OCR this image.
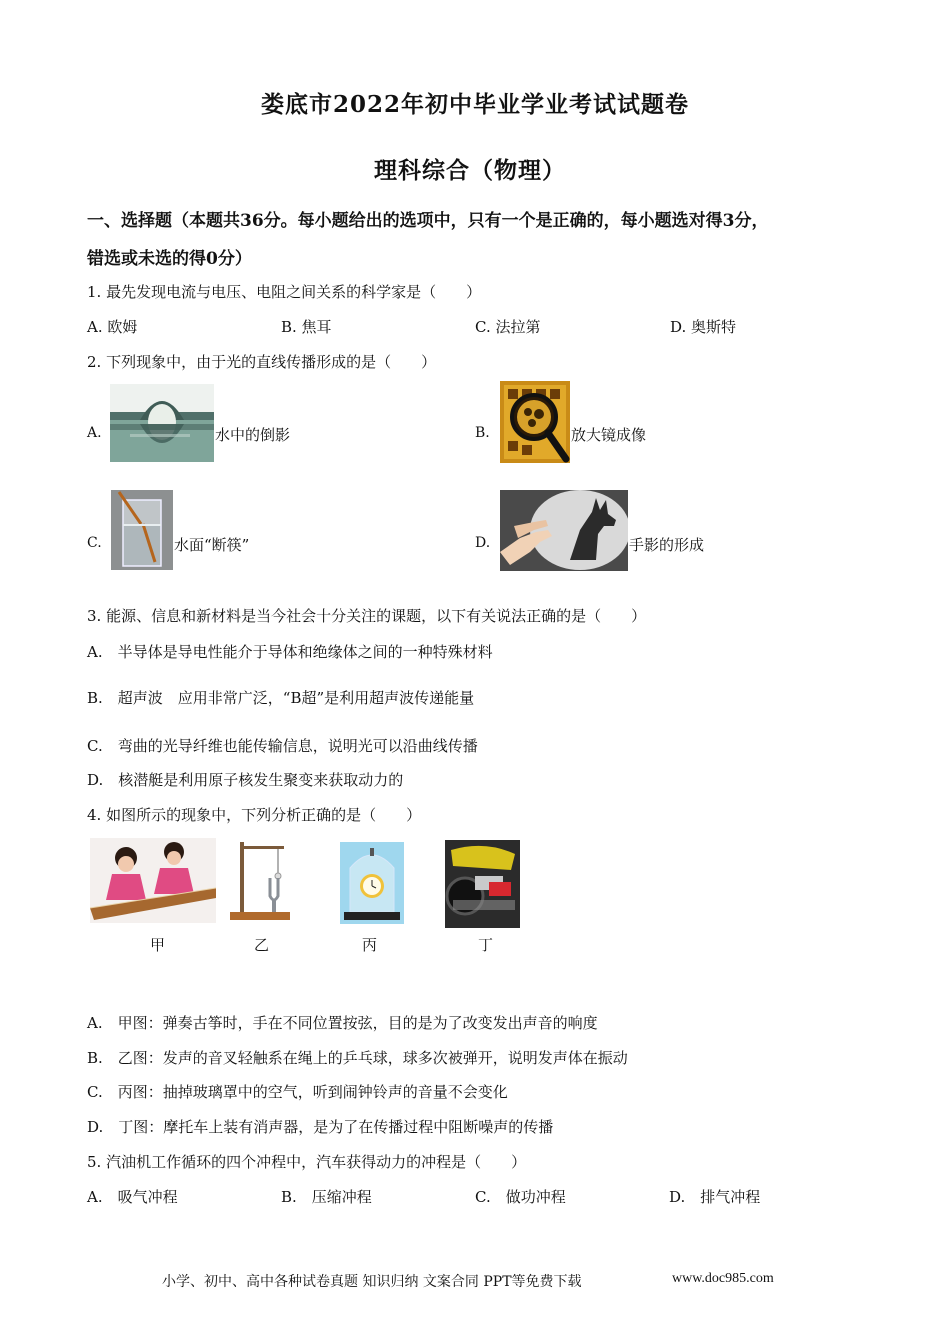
娄底市2022年初中毕业学业考试试题卷
理科综合（物理）
一、选择题（本题共36分。每小题给出的选项中，只有一个是正确的，每小题选对得3分，
错选或未选的得0分）
1. 最先发现电流与电压、电阻之间关系的科学家是（　　）
A. 欧姆	B. 焦耳	C. 法拉第	D. 奥斯特
2. 下列现象中，由于光的直线传播形成的是（　　）
A.	水中的倒影	B.	放大镜成像
C.	水面“断筷”	D.	手影的形成
3. 能源、信息和新材料是当今社会十分关注的课题，以下有关说法正确的是（　　）
A.　半导体是导电性能介于导体和绝缘体之间的一种特殊材料
B.　超声波　应用非常广泛，“B超”是利用超声波传递能量
C.　弯曲的光导纤维也能传输信息，说明光可以沿曲线传播
D.　核潜艇是利用原子核发生聚变来获取动力的
4. 如图所示的现象中，下列分析正确的是（　　）
甲	乙	丙	丁
A.　甲图：弹奏古筝时，手在不同位置按弦，目的是为了改变发出声音的响度
B.　乙图：发声的音叉轻触系在绳上的乒乓球，球多次被弹开，说明发声体在振动
C.　丙图：抽掉玻璃罩中的空气，听到闹钟铃声的音量不会变化
D.　丁图：摩托车上装有消声器，是为了在传播过程中阻断噪声的传播
5. 汽油机工作循环的四个冲程中，汽车获得动力的冲程是（　　）
A.　吸气冲程	B.　压缩冲程	C.　做功冲程	D.　排气冲程
小学、初中、高中各种试卷真题 知识归纳 文案合同 PPT等免费下载	www.doc985.com
